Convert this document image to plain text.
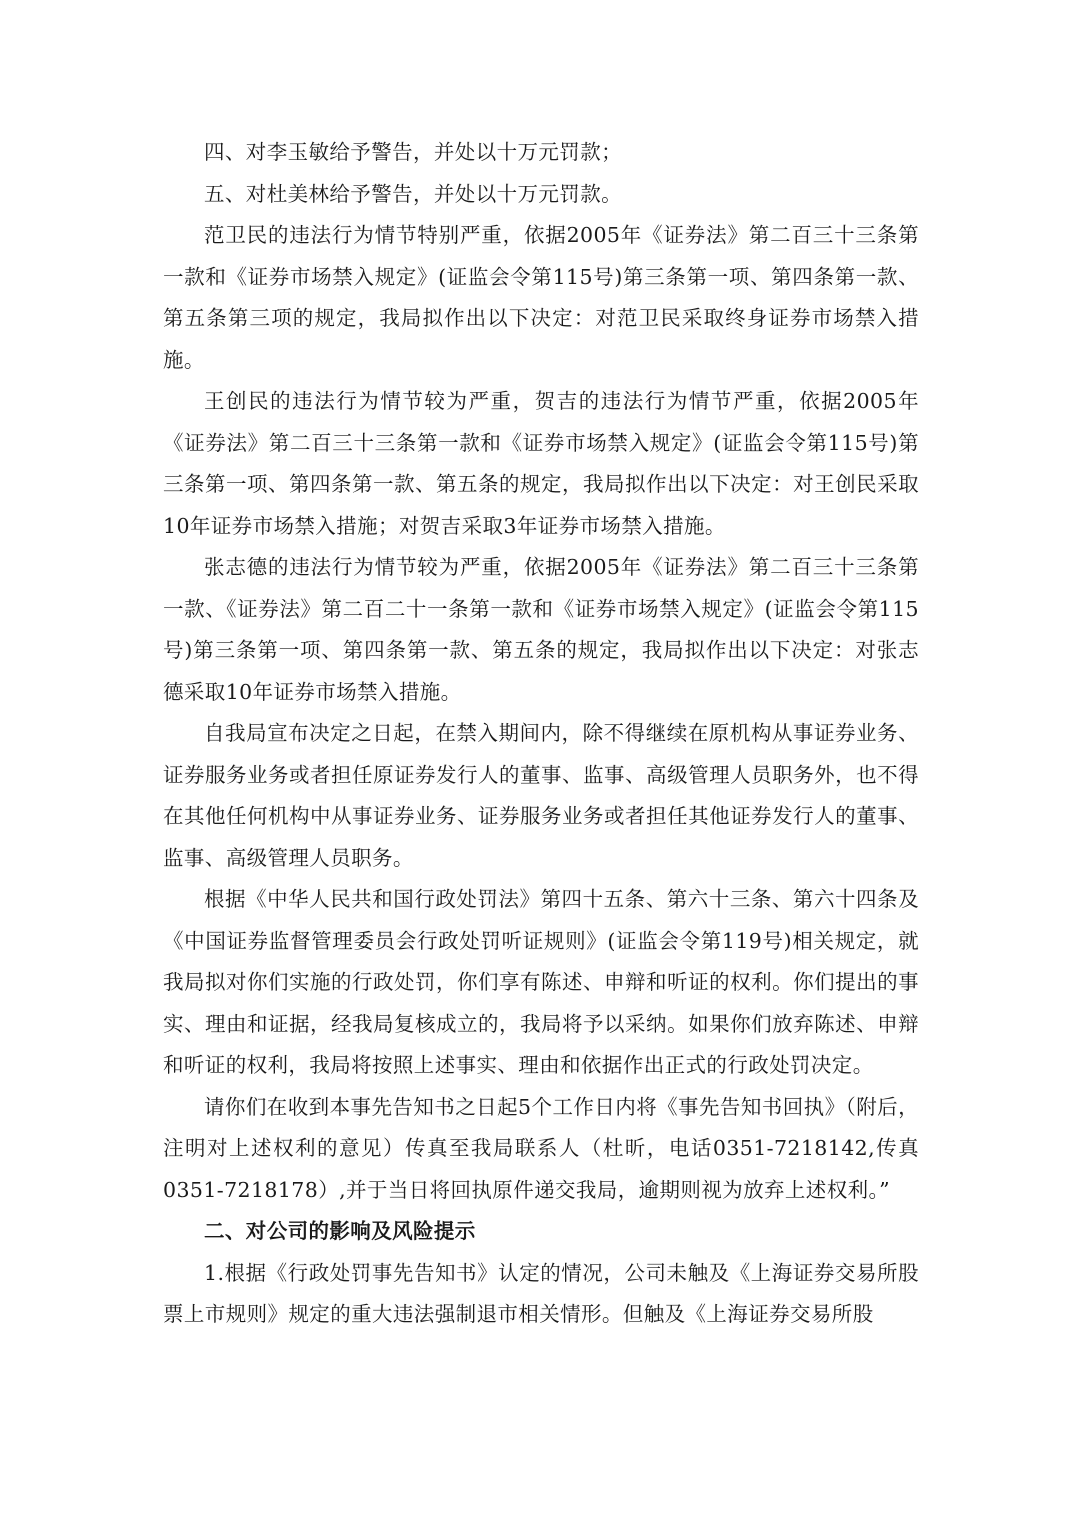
四、对李玉敏给予警告，并处以十万元罚款；

五、对杜美林给予警告，并处以十万元罚款。

范卫民的违法行为情节特别严重，依据2005年《证券法》第二百三十三条第一款和《证券市场禁入规定》(证监会令第115号)第三条第一项、第四条第一款、第五条第三项的规定，我局拟作出以下决定：对范卫民采取终身证券市场禁入措施。

王创民的违法行为情节较为严重，贺吉的违法行为情节严重，依据2005年《证券法》第二百三十三条第一款和《证券市场禁入规定》(证监会令第115号)第三条第一项、第四条第一款、第五条的规定，我局拟作出以下决定：对王创民采取10年证券市场禁入措施；对贺吉采取3年证券市场禁入措施。

张志德的违法行为情节较为严重，依据2005年《证券法》第二百三十三条第一款、《证券法》第二百二十一条第一款和《证券市场禁入规定》(证监会令第115号)第三条第一项、第四条第一款、第五条的规定，我局拟作出以下决定：对张志德采取10年证券市场禁入措施。

自我局宣布决定之日起，在禁入期间内，除不得继续在原机构从事证券业务、证券服务业务或者担任原证券发行人的董事、监事、高级管理人员职务外，也不得在其他任何机构中从事证券业务、证券服务业务或者担任其他证券发行人的董事、监事、高级管理人员职务。

根据《中华人民共和国行政处罚法》第四十五条、第六十三条、第六十四条及《中国证券监督管理委员会行政处罚听证规则》(证监会令第119号)相关规定，就我局拟对你们实施的行政处罚，你们享有陈述、申辩和听证的权利。你们提出的事实、理由和证据，经我局复核成立的，我局将予以采纳。如果你们放弃陈述、申辩和听证的权利，我局将按照上述事实、理由和依据作出正式的行政处罚决定。

请你们在收到本事先告知书之日起5个工作日内将《事先告知书回执》（附后，注明对上述权利的意见）传真至我局联系人（杜昕，电话0351-7218142,传真0351-7218178）,并于当日将回执原件递交我局，逾期则视为放弃上述权利。”

二、对公司的影响及风险提示

1.根据《行政处罚事先告知书》认定的情况，公司未触及《上海证券交易所股票上市规则》规定的重大违法强制退市相关情形。但触及《上海证券交易所股
